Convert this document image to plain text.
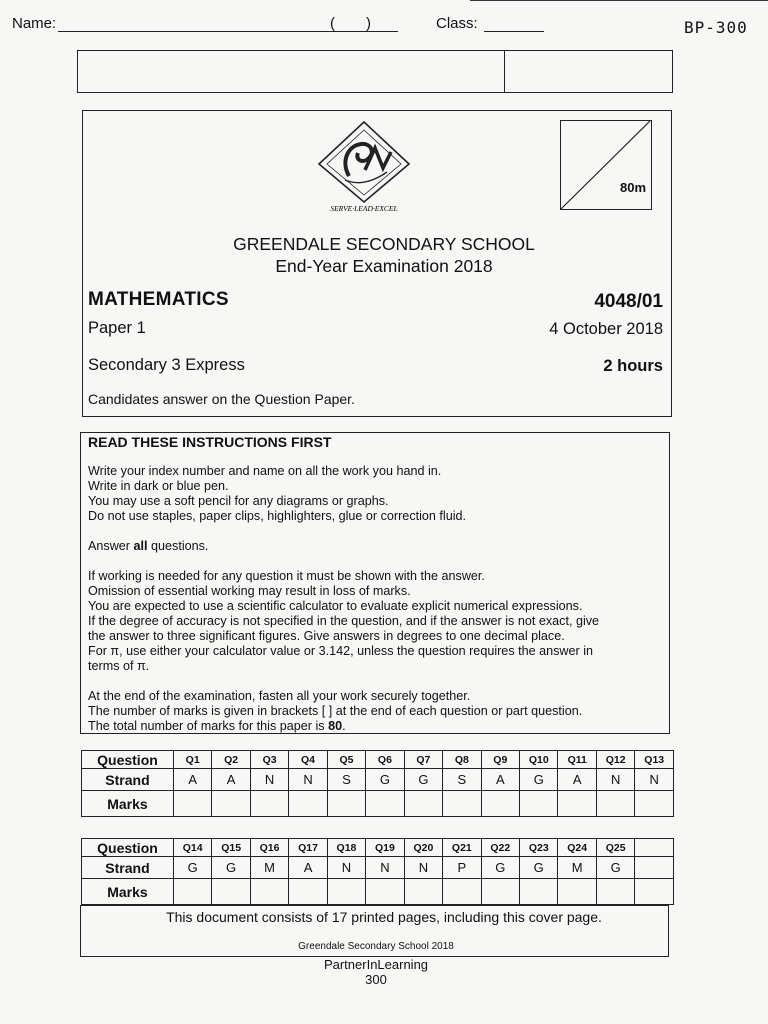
BP-300
Name:	( )	Class:
SERVE·LEAD·EXCEL
80m
GREENDALE SECONDARY SCHOOL
End-Year Examination 2018
MATHEMATICS	4048/01
Paper 1	4 October 2018
Secondary 3 Express	2 hours
Candidates answer on the Question Paper.
READ THESE INSTRUCTIONS FIRST
Write your index number and name on all the work you hand in.
Write in dark or blue pen.
You may use a soft pencil for any diagrams or graphs.
Do not use staples, paper clips, highlighters, glue or correction fluid.
Answer all questions.
If working is needed for any question it must be shown with the answer.
Omission of essential working may result in loss of marks.
You are expected to use a scientific calculator to evaluate explicit numerical expressions.
If the degree of accuracy is not specified in the question, and if the answer is not exact, give
the answer to three significant figures. Give answers in degrees to one decimal place.
For π, use either your calculator value or 3.142, unless the question requires the answer in
terms of π.
At the end of the examination, fasten all your work securely together.
The number of marks is given in brackets [ ] at the end of each question or part question.
The total number of marks for this paper is 80.
Question	Q1	Q2	Q3	Q4	Q5	Q6	Q7	Q8	Q9	Q10	Q11	Q12	Q13
Strand	A	A	N	N	S	G	G	S	A	G	A	N	N
Marks													
Question	Q14	Q15	Q16	Q17	Q18	Q19	Q20	Q21	Q22	Q23	Q24	Q25	
Strand	G	G	M	A	N	N	N	P	G	G	M	G	
Marks													
This document consists of 17 printed pages, including this cover page.
Greendale Secondary School 2018
PartnerInLearning
300
